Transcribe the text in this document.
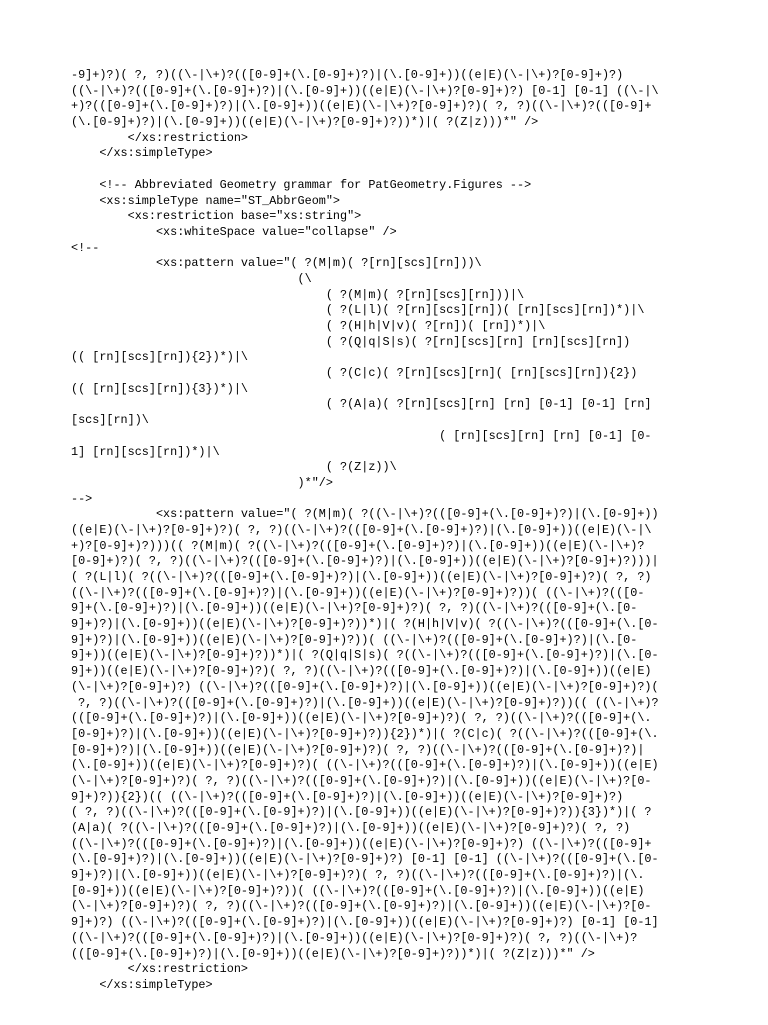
-9]+)?)( ?, ?)((\-|\+)?(([0-9]+(\.[0-9]+)?)|(\.[0-9]+))((e|E)(\-|\+)?[0-9]+)?)
((\-|\+)?(([0-9]+(\.[0-9]+)?)|(\.[0-9]+))((e|E)(\-|\+)?[0-9]+)?) [0-1] [0-1] ((\-|\
+)?(([0-9]+(\.[0-9]+)?)|(\.[0-9]+))((e|E)(\-|\+)?[0-9]+)?)( ?, ?)((\-|\+)?(([0-9]+
(\.[0-9]+)?)|(\.[0-9]+))((e|E)(\-|\+)?[0-9]+)?))*)|( ?(Z|z)))*" />
</xs:restriction>
</xs:simpleType>
<!-- Abbreviated Geometry grammar for PatGeometry.Figures -->
<xs:simpleType name="ST_AbbrGeom">
<xs:restriction base="xs:string">
<xs:whiteSpace value="collapse" />
<!--
<xs:pattern value="( ?(M|m)( ?[rn][scs][rn]))\
(\
( ?(M|m)( ?[rn][scs][rn]))|\
( ?(L|l)( ?[rn][scs][rn])( [rn][scs][rn])*)|\
( ?(H|h|V|v)( ?[rn])( [rn])*)|\
( ?(Q|q|S|s)( ?[rn][scs][rn] [rn][scs][rn])
(( [rn][scs][rn]){2})*)|\
( ?(C|c)( ?[rn][scs][rn]( [rn][scs][rn]){2})
(( [rn][scs][rn]){3})*)|\
( ?(A|a)( ?[rn][scs][rn] [rn] [0-1] [0-1] [rn]
[scs][rn])\
( [rn][scs][rn] [rn] [0-1] [0-
1] [rn][scs][rn])*)|\
( ?(Z|z))\
)*"/>
-->
<xs:pattern value="( ?(M|m)( ?((\-|\+)?(([0-9]+(\.[0-9]+)?)|(\.[0-9]+))
((e|E)(\-|\+)?[0-9]+)?)( ?, ?)((\-|\+)?(([0-9]+(\.[0-9]+)?)|(\.[0-9]+))((e|E)(\-|\
+)?[0-9]+)?)))(( ?(M|m)( ?((\-|\+)?(([0-9]+(\.[0-9]+)?)|(\.[0-9]+))((e|E)(\-|\+)?
[0-9]+)?)( ?, ?)((\-|\+)?(([0-9]+(\.[0-9]+)?)|(\.[0-9]+))((e|E)(\-|\+)?[0-9]+)?)))|
( ?(L|l)( ?((\-|\+)?(([0-9]+(\.[0-9]+)?)|(\.[0-9]+))((e|E)(\-|\+)?[0-9]+)?)( ?, ?)
((\-|\+)?(([0-9]+(\.[0-9]+)?)|(\.[0-9]+))((e|E)(\-|\+)?[0-9]+)?))( ((\-|\+)?(([0-
9]+(\.[0-9]+)?)|(\.[0-9]+))((e|E)(\-|\+)?[0-9]+)?)( ?, ?)((\-|\+)?(([0-9]+(\.[0-
9]+)?)|(\.[0-9]+))((e|E)(\-|\+)?[0-9]+)?))*)|( ?(H|h|V|v)( ?((\-|\+)?(([0-9]+(\.[0-
9]+)?)|(\.[0-9]+))((e|E)(\-|\+)?[0-9]+)?))( ((\-|\+)?(([0-9]+(\.[0-9]+)?)|(\.[0-
9]+))((e|E)(\-|\+)?[0-9]+)?))*)|( ?(Q|q|S|s)( ?((\-|\+)?(([0-9]+(\.[0-9]+)?)|(\.[0-
9]+))((e|E)(\-|\+)?[0-9]+)?)( ?, ?)((\-|\+)?(([0-9]+(\.[0-9]+)?)|(\.[0-9]+))((e|E)
(\-|\+)?[0-9]+)?) ((\-|\+)?(([0-9]+(\.[0-9]+)?)|(\.[0-9]+))((e|E)(\-|\+)?[0-9]+)?)(
?, ?)((\-|\+)?(([0-9]+(\.[0-9]+)?)|(\.[0-9]+))((e|E)(\-|\+)?[0-9]+)?))(( ((\-|\+)?
(([0-9]+(\.[0-9]+)?)|(\.[0-9]+))((e|E)(\-|\+)?[0-9]+)?)( ?, ?)((\-|\+)?(([0-9]+(\.
[0-9]+)?)|(\.[0-9]+))((e|E)(\-|\+)?[0-9]+)?)){2})*)|( ?(C|c)( ?((\-|\+)?(([0-9]+(\.
[0-9]+)?)|(\.[0-9]+))((e|E)(\-|\+)?[0-9]+)?)( ?, ?)((\-|\+)?(([0-9]+(\.[0-9]+)?)|
(\.[0-9]+))((e|E)(\-|\+)?[0-9]+)?)( ((\-|\+)?(([0-9]+(\.[0-9]+)?)|(\.[0-9]+))((e|E)
(\-|\+)?[0-9]+)?)( ?, ?)((\-|\+)?(([0-9]+(\.[0-9]+)?)|(\.[0-9]+))((e|E)(\-|\+)?[0-
9]+)?)){2})(( ((\-|\+)?(([0-9]+(\.[0-9]+)?)|(\.[0-9]+))((e|E)(\-|\+)?[0-9]+)?)
( ?, ?)((\-|\+)?(([0-9]+(\.[0-9]+)?)|(\.[0-9]+))((e|E)(\-|\+)?[0-9]+)?)){3})*)|( ?
(A|a)( ?((\-|\+)?(([0-9]+(\.[0-9]+)?)|(\.[0-9]+))((e|E)(\-|\+)?[0-9]+)?)( ?, ?)
((\-|\+)?(([0-9]+(\.[0-9]+)?)|(\.[0-9]+))((e|E)(\-|\+)?[0-9]+)?) ((\-|\+)?(([0-9]+
(\.[0-9]+)?)|(\.[0-9]+))((e|E)(\-|\+)?[0-9]+)?) [0-1] [0-1] ((\-|\+)?(([0-9]+(\.[0-
9]+)?)|(\.[0-9]+))((e|E)(\-|\+)?[0-9]+)?)( ?, ?)((\-|\+)?(([0-9]+(\.[0-9]+)?)|(\.
[0-9]+))((e|E)(\-|\+)?[0-9]+)?))( ((\-|\+)?(([0-9]+(\.[0-9]+)?)|(\.[0-9]+))((e|E)
(\-|\+)?[0-9]+)?)( ?, ?)((\-|\+)?(([0-9]+(\.[0-9]+)?)|(\.[0-9]+))((e|E)(\-|\+)?[0-
9]+)?) ((\-|\+)?(([0-9]+(\.[0-9]+)?)|(\.[0-9]+))((e|E)(\-|\+)?[0-9]+)?) [0-1] [0-1]
((\-|\+)?(([0-9]+(\.[0-9]+)?)|(\.[0-9]+))((e|E)(\-|\+)?[0-9]+)?)( ?, ?)((\-|\+)?
(([0-9]+(\.[0-9]+)?)|(\.[0-9]+))((e|E)(\-|\+)?[0-9]+)?))*)|( ?(Z|z)))*" />
</xs:restriction>
</xs:simpleType>
